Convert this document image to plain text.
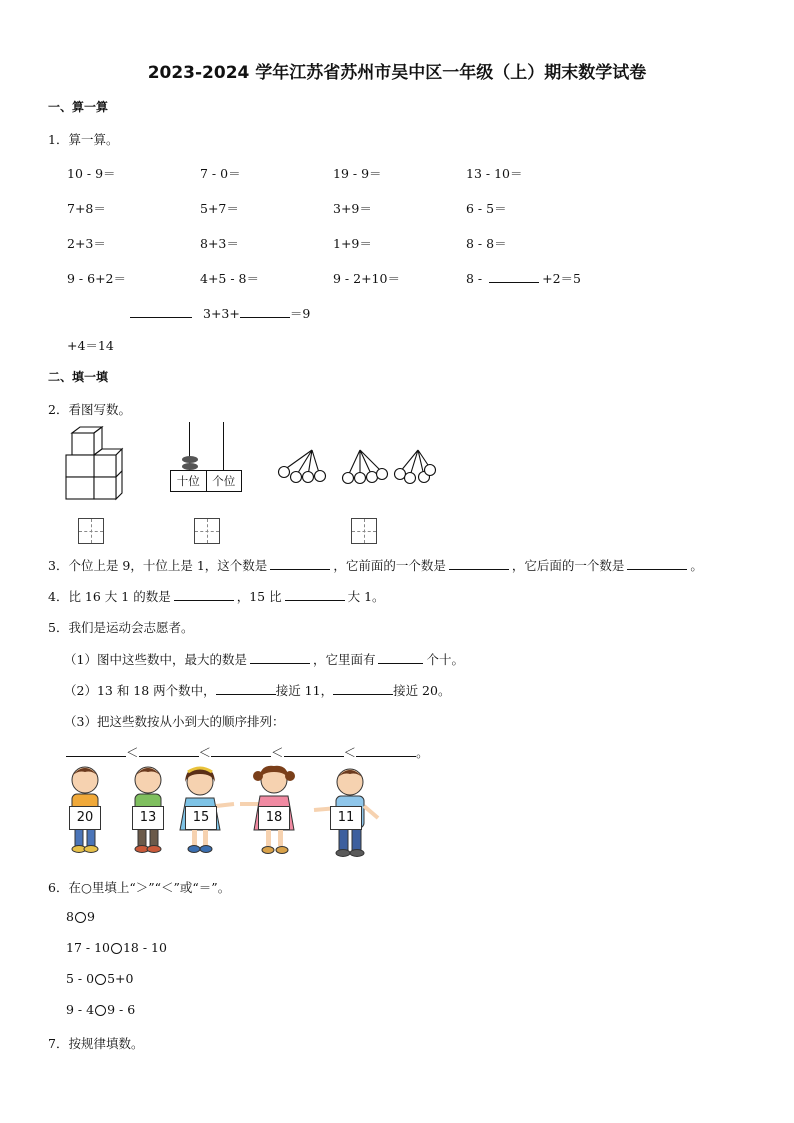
2023-2024 学年江苏省苏州市吴中区一年级（上）期末数学试卷
一、算一算
1．算一算。
10 - 9＝	7 - 0＝	19 - 9＝	13 - 10＝
7+8＝	5+7＝	3+9＝	6 - 5＝
2+3＝	8+3＝	1+9＝	8 - 8＝
9 - 6+2＝	4+5 - 8＝	9 - 2+10＝	8 -	+2＝5
3+3+	＝9
+4＝14
二、填一填
2．看图写数。
十位	个位
3．个位上是 9，十位上是 1，这个数是	，它前面的一个数是	，它后面的一个数是	。
4．比 16 大 1 的数是	，15 比	大 1。
5．我们是运动会志愿者。
（1）图中这些数中，最大的数是	，它里面有	个十。
（2）13 和 18 两个数中，	接近 11，	接近 20。
（3）把这些数按从小到大的顺序排列：
＜	＜	＜	＜	。
20	13	15	18	11
6．在○里填上“＞”“＜”或“＝”。
8 9
17 - 10 18 - 10
5 - 0 5+0
9 - 4 9 - 6
7．按规律填数。
